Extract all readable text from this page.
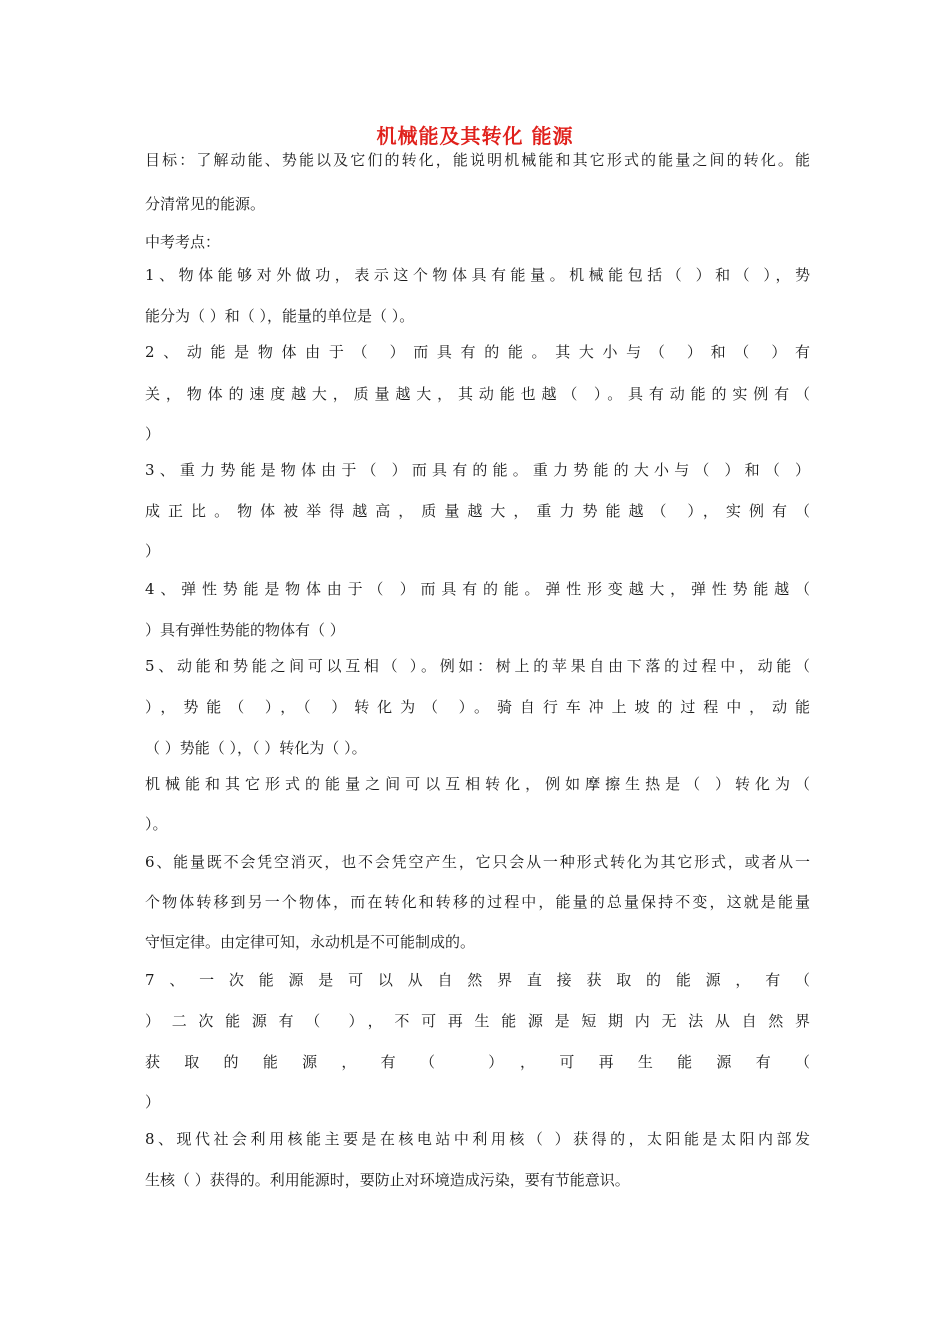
机械能及其转化 能源
目标：了解动能、势能以及它们的转化，能说明机械能和其它形式的能量之间的转化。能
分清常见的能源。
中考考点：
1、物体能够对外做功，表示这个物体具有能量。机械能包括（ ）和（ ），势
能分为（ ）和（ ），能量的单位是（ ）。
2、动能是物体由于（ ）而具有的能。其大小与（ ）和（ ）有
关，物体的速度越大，质量越大，其动能也越（ ）。具有动能的实例有（
）
3、重力势能是物体由于（ ）而具有的能。重力势能的大小与（ ）和（ ）
成正比。物体被举得越高，质量越大，重力势能越（ ），实例有（
）
4、弹性势能是物体由于（ ）而具有的能。弹性形变越大，弹性势能越（
）具有弹性势能的物体有（ ）
5、动能和势能之间可以互相（ ）。例如：树上的苹果自由下落的过程中，动能（
），势能（ ），（ ）转化为（ ）。骑自行车冲上坡的过程中，动能
（ ）势能（ ），（ ）转化为（ ）。
机械能和其它形式的能量之间可以互相转化，例如摩擦生热是（ ）转化为（
）。
6、能量既不会凭空消灭，也不会凭空产生，它只会从一种形式转化为其它形式，或者从一
个物体转移到另一个物体，而在转化和转移的过程中，能量的总量保持不变，这就是能量
守恒定律。由定律可知，永动机是不可能制成的。
7、一次能源是可以从自然界直接获取的能源，有（
）二次能源有（ ），不可再生能源是短期内无法从自然界
获取的能源，有（ ），可再生能源有（
）
8、现代社会利用核能主要是在核电站中利用核（ ）获得的，太阳能是太阳内部发
生核（ ）获得的。利用能源时，要防止对环境造成污染，要有节能意识。
